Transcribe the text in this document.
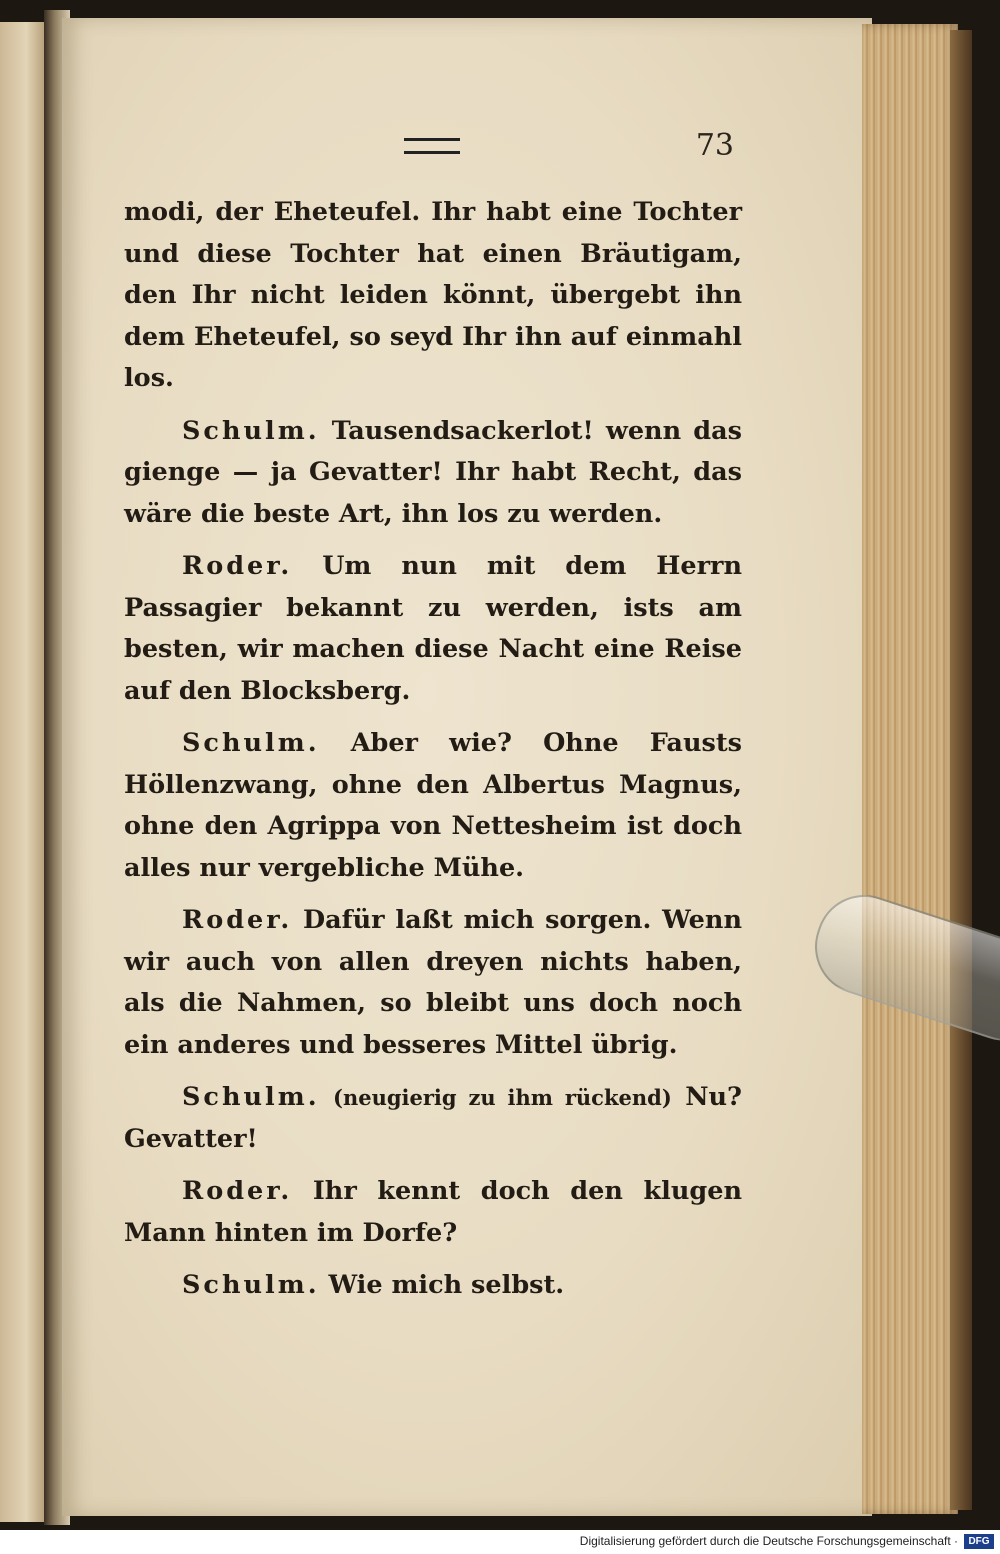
73

modi, der Eheteufel. Ihr habt eine Tochter und diese Tochter hat einen Bräutigam, den Ihr nicht leiden könnt, übergebt ihn dem Eheteufel, so seyd Ihr ihn auf einmahl los.

Schulm. Tausendsackerlot! wenn das gienge — ja Gevatter! Ihr habt Recht, das wäre die beste Art, ihn los zu werden.

Roder. Um nun mit dem Herrn Passagier bekannt zu werden, ists am besten, wir machen diese Nacht eine Reise auf den Blocksberg.

Schulm. Aber wie? Ohne Fausts Höllenzwang, ohne den Albertus Magnus, ohne den Agrippa von Nettesheim ist doch alles nur vergebliche Mühe.

Roder. Dafür laßt mich sorgen. Wenn wir auch von allen dreyen nichts haben, als die Nahmen, so bleibt uns doch noch ein anderes und besseres Mittel übrig.

Schulm. (neugierig zu ihm rückend) Nu? Gevatter!

Roder. Ihr kennt doch den klugen Mann hinten im Dorfe?

Schulm. Wie mich selbst.

Digitalisierung gefördert durch die Deutsche Forschungsgemeinschaft ·	DFG
